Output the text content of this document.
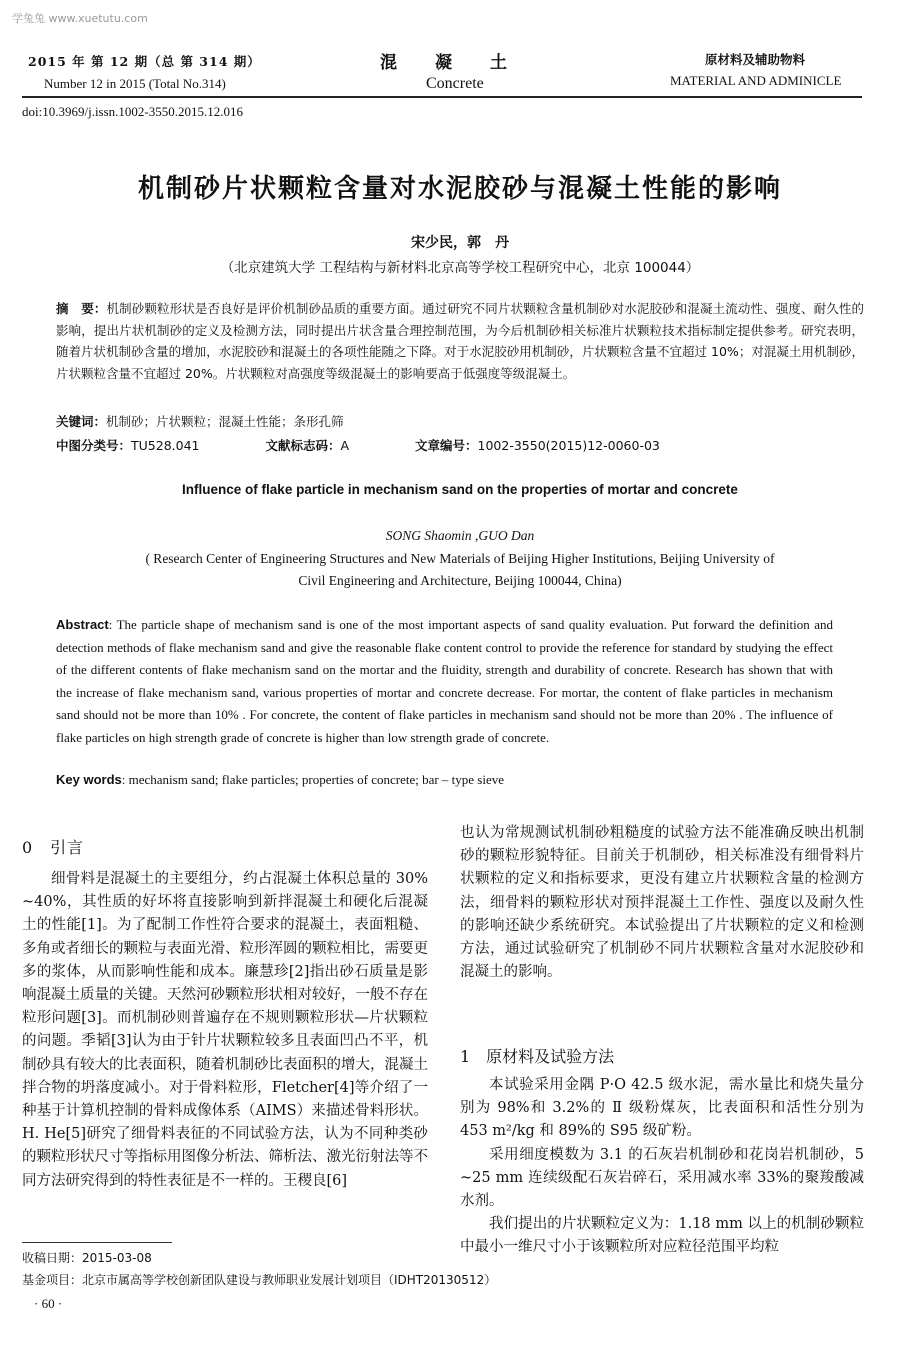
学兔兔 www.xuetutu.com
2015 年 第 12 期（总 第 314 期）
Number 12 in 2015 (Total No.314)
混凝土
Concrete
原材料及辅助物料
MATERIAL AND ADMINICLE
doi:10.3969/j.issn.1002-3550.2015.12.016
机制砂片状颗粒含量对水泥胶砂与混凝土性能的影响
宋少民，郭　丹
（北京建筑大学 工程结构与新材料北京高等学校工程研究中心，北京 100044）
摘　要：机制砂颗粒形状是否良好是评价机制砂品质的重要方面。通过研究不同片状颗粒含量机制砂对水泥胶砂和混凝土流动性、强度、耐久性的影响，提出片状机制砂的定义及检测方法，同时提出片状含量合理控制范围，为今后机制砂相关标准片状颗粒技术指标制定提供参考。研究表明，随着片状机制砂含量的增加，水泥胶砂和混凝土的各项性能随之下降。对于水泥胶砂用机制砂，片状颗粒含量不宜超过 10%；对混凝土用机制砂，片状颗粒含量不宜超过 20%。片状颗粒对高强度等级混凝土的影响要高于低强度等级混凝土。
关键词：机制砂；片状颗粒；混凝土性能；条形孔筛
中图分类号：TU528.041	文献标志码：A	文章编号：1002-3550(2015)12-0060-03
Influence of flake particle in mechanism sand on the properties of mortar and concrete
SONG Shaomin ,GUO Dan
( Research Center of Engineering Structures and New Materials of Beijing Higher Institutions, Beijing University of
Civil Engineering and Architecture, Beijing 100044, China)
Abstract: The particle shape of mechanism sand is one of the most important aspects of sand quality evaluation. Put forward the definition and detection methods of flake mechanism sand and give the reasonable flake content control to provide the reference for standard by studying the effect of the different contents of flake mechanism sand on the mortar and the fluidity, strength and durability of concrete. Research has shown that with the increase of flake mechanism sand, various properties of mortar and concrete decrease. For mortar, the content of flake particles in mechanism sand should not be more than 10% . For concrete, the content of flake particles in mechanism sand should not be more than 20% . The influence of flake particles on high strength grade of concrete is higher than low strength grade of concrete.
Key words: mechanism sand; flake particles; properties of concrete; bar – type sieve
0　引言

细骨料是混凝土的主要组分，约占混凝土体积总量的 30% ~40%，其性质的好坏将直接影响到新拌混凝土和硬化后混凝土的性能[1]。为了配制工作性符合要求的混凝土，表面粗糙、多角或者细长的颗粒与表面光滑、粒形浑圆的颗粒相比，需要更多的浆体，从而影响性能和成本。廉慧珍[2]指出砂石质量是影响混凝土质量的关键。天然河砂颗粒形状相对较好，一般不存在粒形问题[3]。而机制砂则普遍存在不规则颗粒形状—片状颗粒的问题。季韬[3]认为由于针片状颗粒较多且表面凹凸不平，机制砂具有较大的比表面积，随着机制砂比表面积的增大，混凝土拌合物的坍落度减小。对于骨料粒形，Fletcher[4]等介绍了一种基于计算机控制的骨料成像体系（AIMS）来描述骨料形状。H. He[5]研究了细骨料表征的不同试验方法，认为不同种类砂的颗粒形状尺寸等指标用图像分析法、筛析法、激光衍射法等不同方法研究得到的特性表征是不一样的。王稷良[6]

也认为常规测试机制砂粗糙度的试验方法不能准确反映出机制砂的颗粒形貌特征。目前关于机制砂，相关标准没有细骨料片状颗粒的定义和指标要求，更没有建立片状颗粒含量的检测方法，细骨料的颗粒形状对预拌混凝土工作性、强度以及耐久性的影响还缺少系统研究。本试验提出了片状颗粒的定义和检测方法，通过试验研究了机制砂不同片状颗粒含量对水泥胶砂和混凝土的影响。

1　原材料及试验方法

本试验采用金隅 P·O 42.5 级水泥，需水量比和烧失量分别为 98%和 3.2%的 Ⅱ 级粉煤灰，比表面积和活性分别为 453 m²/kg 和 89%的 S95 级矿粉。

采用细度模数为 3.1 的石灰岩机制砂和花岗岩机制砂，5 ~25 mm 连续级配石灰岩碎石，采用减水率 33%的聚羧酸减水剂。

我们提出的片状颗粒定义为：1.18 mm 以上的机制砂颗粒中最小一维尺寸小于该颗粒所对应粒径范围平均粒

收稿日期：2015-03-08
基金项目：北京市属高等学校创新团队建设与教师职业发展计划项目（IDHT20130512）
· 60 ·
